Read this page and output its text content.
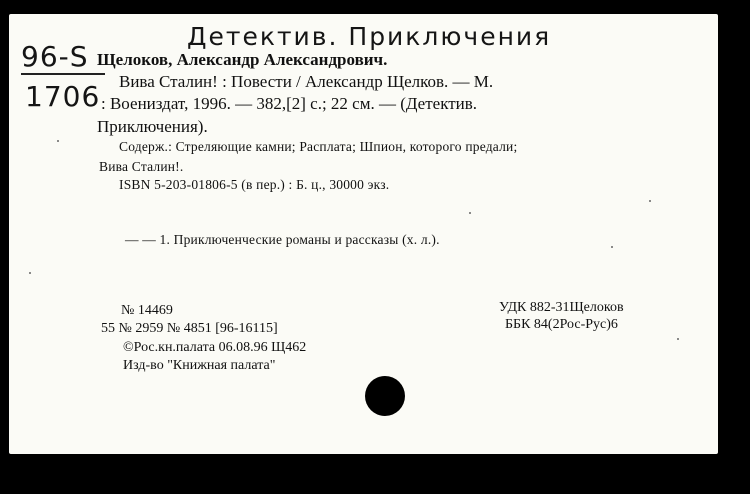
Детектив. Приключения
96-S
1706
Щелоков, Александр Александрович.
Вива Сталин! : Повести / Александр Щелков. — М.
: Воениздат, 1996. — 382,[2] с.; 22 см. — (Детектив.
Приключения).
Содерж.: Стреляющие камни; Расплата; Шпион, которого предали;
Вива Сталин!.
ISBN 5-203-01806-5 (в пер.) : Б. ц., 30000 экз.
— — 1. Приключенческие романы и рассказы (х. л.).
№ 14469
55 № 2959 № 4851 [96-16115]
©Рос.кн.палата 06.08.96 Щ462
Изд-во "Книжная палата"
УДК 882-31Щелоков
ББК 84(2Рос-Рус)6
